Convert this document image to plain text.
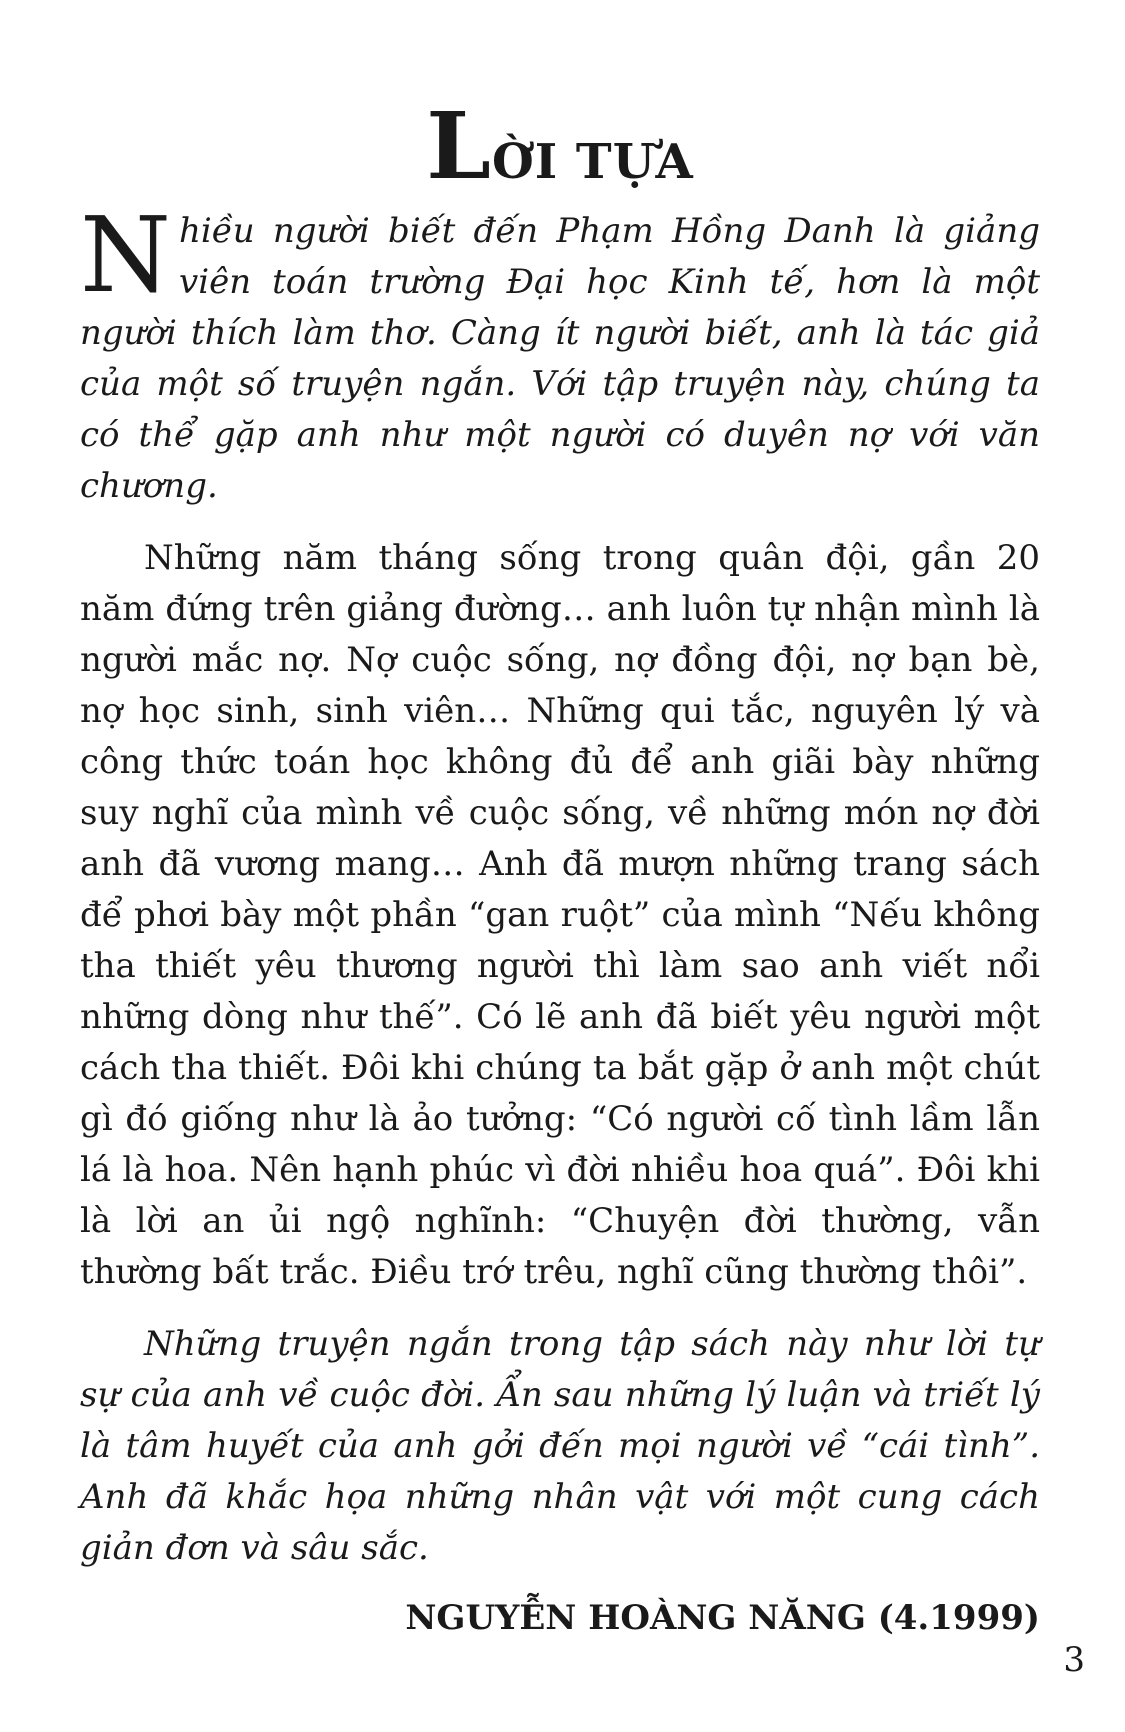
LỜI TỰA

Nhiều người biết đến Phạm Hồng Danh là giảng viên toán trường Đại học Kinh tế, hơn là một người thích làm thơ. Càng ít người biết, anh là tác giả của một số truyện ngắn. Với tập truyện này, chúng ta có thể gặp anh như một người có duyên nợ với văn chương.

Những năm tháng sống trong quân đội, gần 20 năm đứng trên giảng đường… anh luôn tự nhận mình là người mắc nợ. Nợ cuộc sống, nợ đồng đội, nợ bạn bè, nợ học sinh, sinh viên… Những qui tắc, nguyên lý và công thức toán học không đủ để anh giãi bày những suy nghĩ của mình về cuộc sống, về những món nợ đời anh đã vương mang… Anh đã mượn những trang sách để phơi bày một phần “gan ruột” của mình “Nếu không tha thiết yêu thương người thì làm sao anh viết nổi những dòng như thế”. Có lẽ anh đã biết yêu người một cách tha thiết. Đôi khi chúng ta bắt gặp ở anh một chút gì đó giống như là ảo tưởng: “Có người cố tình lầm lẫn lá là hoa. Nên hạnh phúc vì đời nhiều hoa quá”. Đôi khi là lời an ủi ngộ nghĩnh: “Chuyện đời thường, vẫn thường bất trắc. Điều trớ trêu, nghĩ cũng thường thôi”.

Những truyện ngắn trong tập sách này như lời tự sự của anh về cuộc đời. Ẩn sau những lý luận và triết lý là tâm huyết của anh gởi đến mọi người về “cái tình”. Anh đã khắc họa những nhân vật với một cung cách giản đơn và sâu sắc.

NGUYỄN HOÀNG NĂNG (4.1999)
3
